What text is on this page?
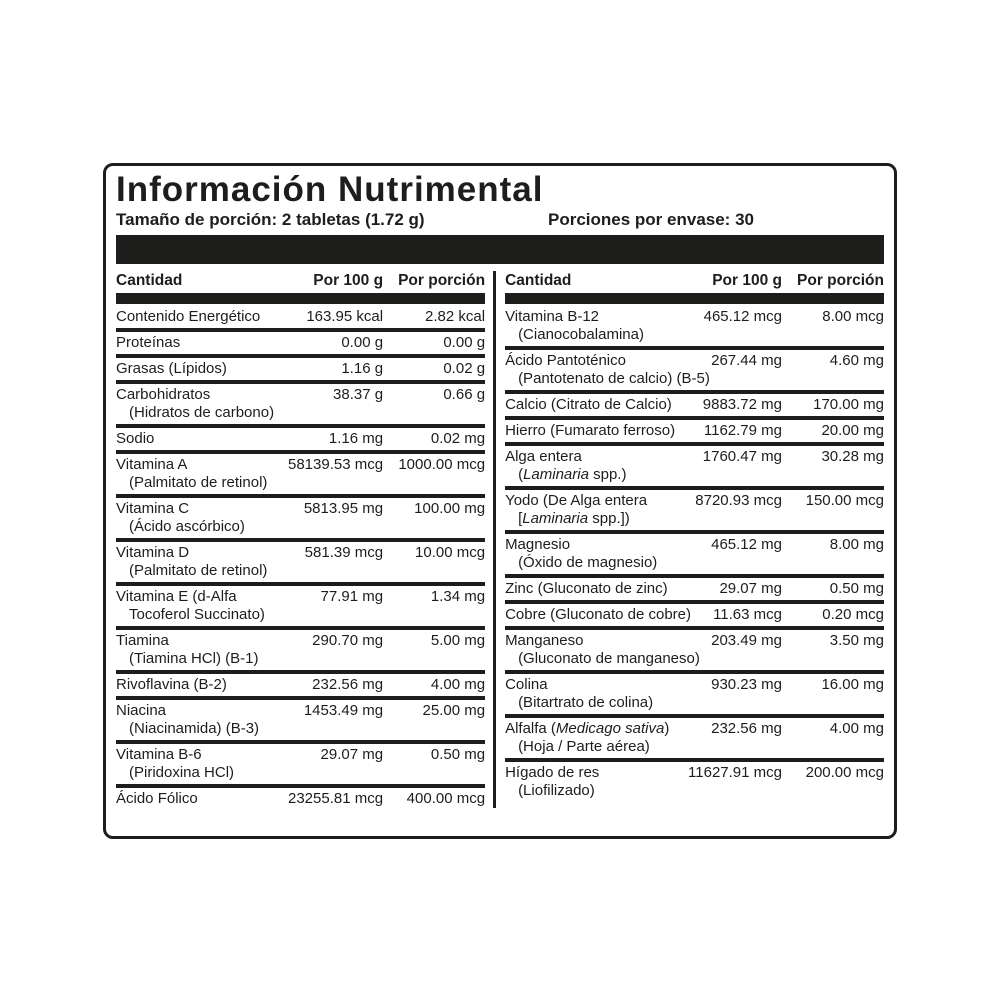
Información Nutrimental
Tamaño de porción: 2 tabletas (1.72 g)	Porciones por envase: 30
Cantidad	Por 100 g Por porción
Contenido Energético	163.95 kcal	2.82 kcal
Proteínas	0.00 g	0.00 g
Grasas (Lípidos)	1.16 g	0.02 g
Carbohidratos	38.37 g	0.66 g
(Hidratos de carbono)
Sodio	1.16 mg	0.02 mg
Vitamina A	58139.53 mcg	1000.00 mcg
(Palmitato de retinol)
Vitamina C	5813.95 mg	100.00 mg
(Ácido ascórbico)
Vitamina D	581.39 mcg	10.00 mcg
(Palmitato de retinol)
Vitamina E (d-Alfa	77.91 mg	1.34 mg
Tocoferol Succinato)
Tiamina	290.70 mg	5.00 mg
(Tiamina HCl) (B-1)
Rivoflavina (B-2)	232.56 mg	4.00 mg
Niacina	1453.49 mg	25.00 mg
(Niacinamida) (B-3)
Vitamina B-6	29.07 mg	0.50 mg
(Piridoxina HCl)
Ácido Fólico	23255.81 mcg	400.00 mcg
Cantidad	Por 100 g Por porción
Vitamina B-12	465.12 mcg	8.00 mcg
(Cianocobalamina)
Ácido Pantoténico	267.44 mg	4.60 mg
(Pantotenato de calcio) (B-5)
Calcio (Citrato de Calcio)	9883.72 mg	170.00 mg
Hierro (Fumarato ferroso)	1162.79 mg	20.00 mg
Alga entera	1760.47 mg	30.28 mg
(Laminaria spp.)
Yodo (De Alga entera	8720.93 mcg	150.00 mcg
[Laminaria spp.])
Magnesio	465.12 mg	8.00 mg
(Óxido de magnesio)
Zinc (Gluconato de zinc)	29.07 mg	0.50 mg
Cobre (Gluconato de cobre)	11.63 mcg	0.20 mcg
Manganeso	203.49 mg	3.50 mg
(Gluconato de manganeso)
Colina	930.23 mg	16.00 mg
(Bitartrato de colina)
Alfalfa (Medicago sativa)	232.56 mg	4.00 mg
(Hoja / Parte aérea)
Hígado de res	11627.91 mcg	200.00 mcg
(Liofilizado)
